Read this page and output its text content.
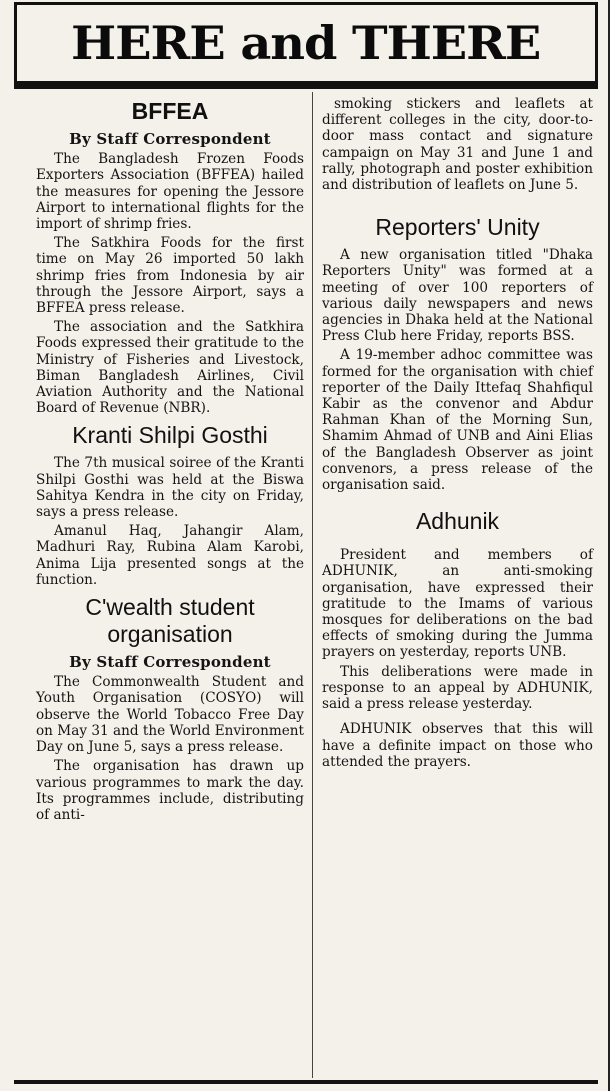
HERE and THERE
BFFEA
By Staff Correspondent

The Bangladesh Frozen Foods Exporters Association (BFFEA) hailed the measures for opening the Jessore Airport to international flights for the import of shrimp fries.

The Satkhira Foods for the first time on May 26 imported 50 lakh shrimp fries from Indonesia by air through the Jessore Airport, says a BFFEA press release.

The association and the Satkhira Foods expressed their gratitude to the Ministry of Fisheries and Livestock, Biman Bangladesh Airlines, Civil Aviation Authority and the National Board of Revenue (NBR).

Kranti Shilpi Gosthi

The 7th musical soiree of the Kranti Shilpi Gosthi was held at the Biswa Sahitya Kendra in the city on Friday, says a press release.

Amanul Haq, Jahangir Alam, Madhuri Ray, Rubina Alam Karobi, Anima Lija presented songs at the function.

C'wealth student organisation
By Staff Correspondent

The Commonwealth Student and Youth Organisation (COSYO) will observe the World Tobacco Free Day on May 31 and the World Environment Day on June 5, says a press release.

The organisation has drawn up various programmes to mark the day. Its programmes include, distributing of anti-

smoking stickers and leaflets at different colleges in the city, door-to-door mass contact and signature campaign on May 31 and June 1 and rally, photograph and poster exhibition and distribution of leaflets on June 5.

Reporters' Unity

A new organisation titled "Dhaka Reporters Unity" was formed at a meeting of over 100 reporters of various daily newspapers and news agencies in Dhaka held at the National Press Club here Friday, reports BSS.

A 19-member adhoc committee was formed for the organisation with chief reporter of the Daily Ittefaq Shahfiqul Kabir as the convenor and Abdur Rahman Khan of the Morning Sun, Shamim Ahmad of UNB and Aini Elias of the Bangladesh Observer as joint convenors, a press release of the organisation said.

Adhunik

President and members of ADHUNIK, an anti-smoking organisation, have expressed their gratitude to the Imams of various mosques for deliberations on the bad effects of smoking during the Jumma prayers on yesterday, reports UNB.

This deliberations were made in response to an appeal by ADHUNIK, said a press release yesterday.

ADHUNIK observes that this will have a definite impact on those who attended the prayers.
